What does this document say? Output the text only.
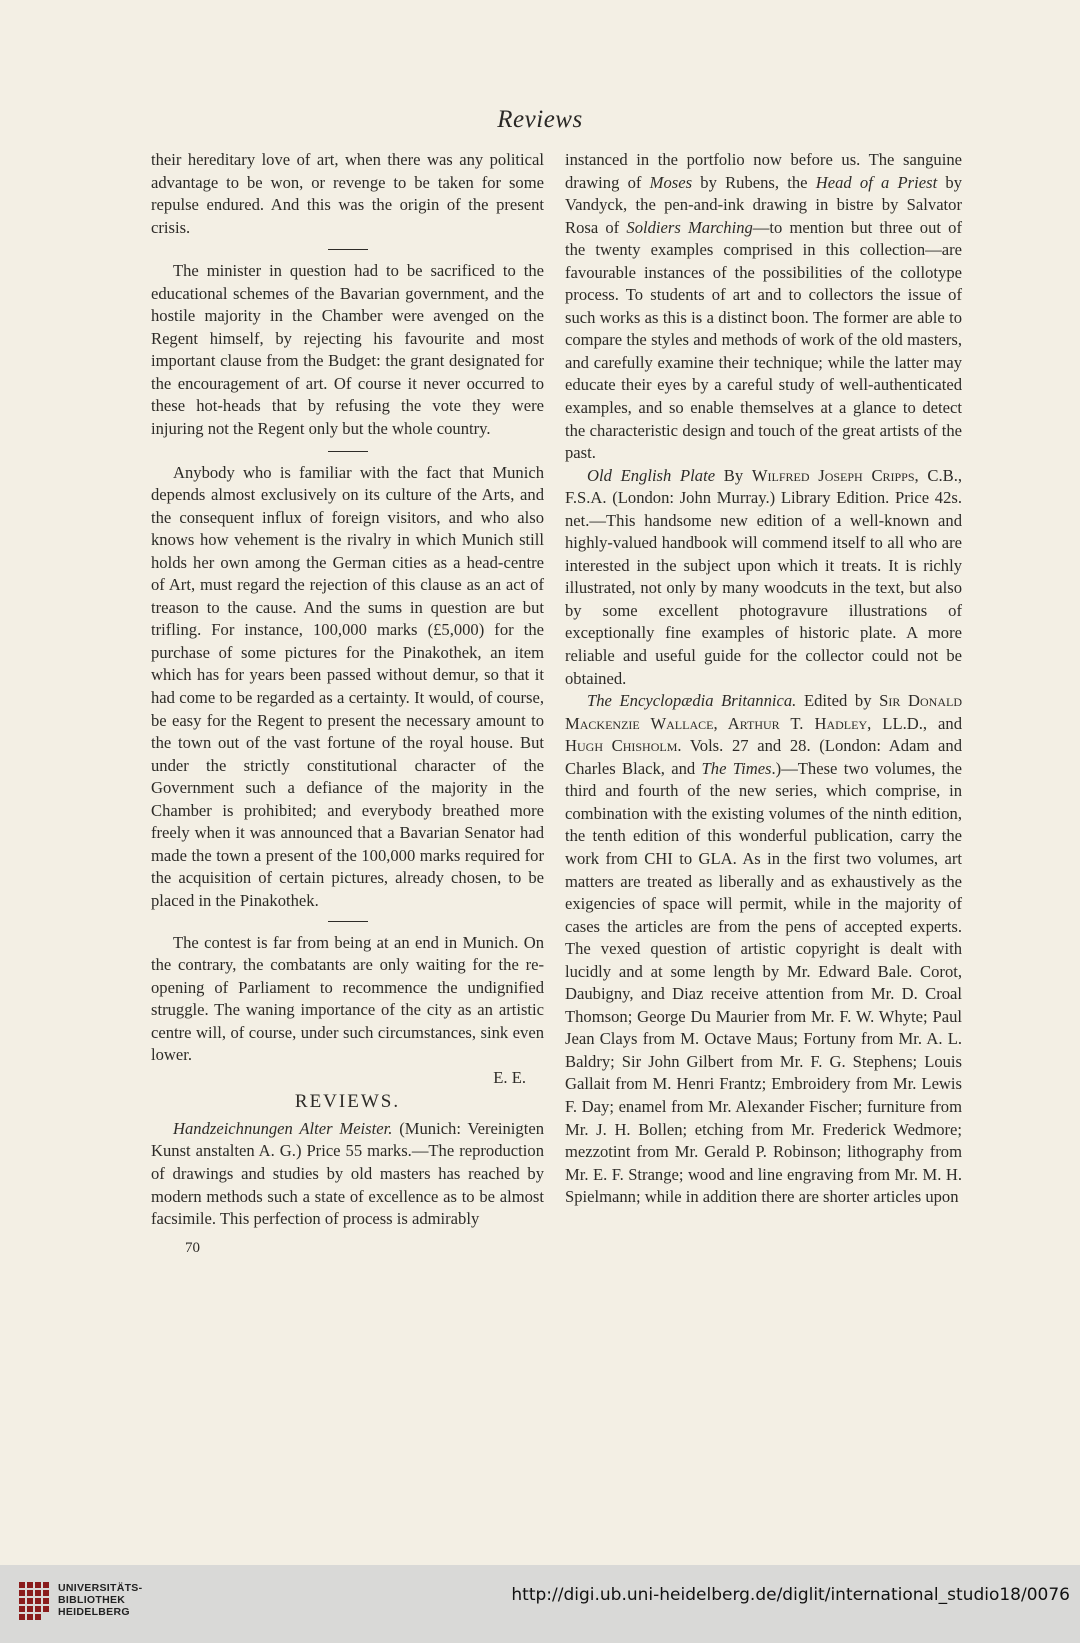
Reviews

their hereditary love of art, when there was any political advantage to be won, or revenge to be taken for some repulse endured. And this was the origin of the present crisis.

The minister in question had to be sacrificed to the educational schemes of the Bavarian government, and the hostile majority in the Chamber were avenged on the Regent himself, by rejecting his favourite and most important clause from the Budget: the grant designated for the encouragement of art. Of course it never occurred to these hot-heads that by refusing the vote they were injuring not the Regent only but the whole country.

Anybody who is familiar with the fact that Munich depends almost exclusively on its culture of the Arts, and the consequent influx of foreign visitors, and who also knows how vehement is the rivalry in which Munich still holds her own among the German cities as a head-centre of Art, must regard the rejection of this clause as an act of treason to the cause. And the sums in question are but trifling. For instance, 100,000 marks (£5,000) for the purchase of some pictures for the Pinakothek, an item which has for years been passed without demur, so that it had come to be regarded as a certainty. It would, of course, be easy for the Regent to present the necessary amount to the town out of the vast fortune of the royal house. But under the strictly constitutional character of the Government such a defiance of the majority in the Chamber is prohibited; and everybody breathed more freely when it was announced that a Bavarian Senator had made the town a present of the 100,000 marks required for the acquisition of certain pictures, already chosen, to be placed in the Pinakothek.

The contest is far from being at an end in Munich. On the contrary, the combatants are only waiting for the re-opening of Parliament to recommence the undignified struggle. The waning importance of the city as an artistic centre will, of course, under such circumstances, sink even lower.

E. E.

REVIEWS.

Handzeichnungen Alter Meister. (Munich: Vereinigten Kunst anstalten A. G.) Price 55 marks.—The reproduction of drawings and studies by old masters has reached by modern methods such a state of excellence as to be almost facsimile. This perfection of process is admirably

70

instanced in the portfolio now before us. The sanguine drawing of Moses by Rubens, the Head of a Priest by Vandyck, the pen-and-ink drawing in bistre by Salvator Rosa of Soldiers Marching—to mention but three out of the twenty examples comprised in this collection—are favourable instances of the possibilities of the collotype process. To students of art and to collectors the issue of such works as this is a distinct boon. The former are able to compare the styles and methods of work of the old masters, and carefully examine their technique; while the latter may educate their eyes by a careful study of well-authenticated examples, and so enable themselves at a glance to detect the characteristic design and touch of the great artists of the past.

Old English Plate By Wilfred Joseph Cripps, C.B., F.S.A. (London: John Murray.) Library Edition. Price 42s. net.—This handsome new edition of a well-known and highly-valued handbook will commend itself to all who are interested in the subject upon which it treats. It is richly illustrated, not only by many woodcuts in the text, but also by some excellent photogravure illustrations of exceptionally fine examples of historic plate. A more reliable and useful guide for the collector could not be obtained.

The Encyclopædia Britannica. Edited by Sir Donald Mackenzie Wallace, Arthur T. Hadley, LL.D., and Hugh Chisholm. Vols. 27 and 28. (London: Adam and Charles Black, and The Times.)—These two volumes, the third and fourth of the new series, which comprise, in combination with the existing volumes of the ninth edition, the tenth edition of this wonderful publication, carry the work from CHI to GLA. As in the first two volumes, art matters are treated as liberally and as exhaustively as the exigencies of space will permit, while in the majority of cases the articles are from the pens of accepted experts. The vexed question of artistic copyright is dealt with lucidly and at some length by Mr. Edward Bale. Corot, Daubigny, and Diaz receive attention from Mr. D. Croal Thomson; George Du Maurier from Mr. F. W. Whyte; Paul Jean Clays from M. Octave Maus; Fortuny from Mr. A. L. Baldry; Sir John Gilbert from Mr. F. G. Stephens; Louis Gallait from M. Henri Frantz; Embroidery from Mr. Lewis F. Day; enamel from Mr. Alexander Fischer; furniture from Mr. J. H. Bollen; etching from Mr. Frederick Wedmore; mezzotint from Mr. Gerald P. Robinson; lithography from Mr. E. F. Strange; wood and line engraving from Mr. M. H. Spielmann; while in addition there are shorter articles upon

UNIVERSITÄTS-
BIBLIOTHEK
HEIDELBERG
http://digi.ub.uni-heidelberg.de/diglit/international_studio18/0076
